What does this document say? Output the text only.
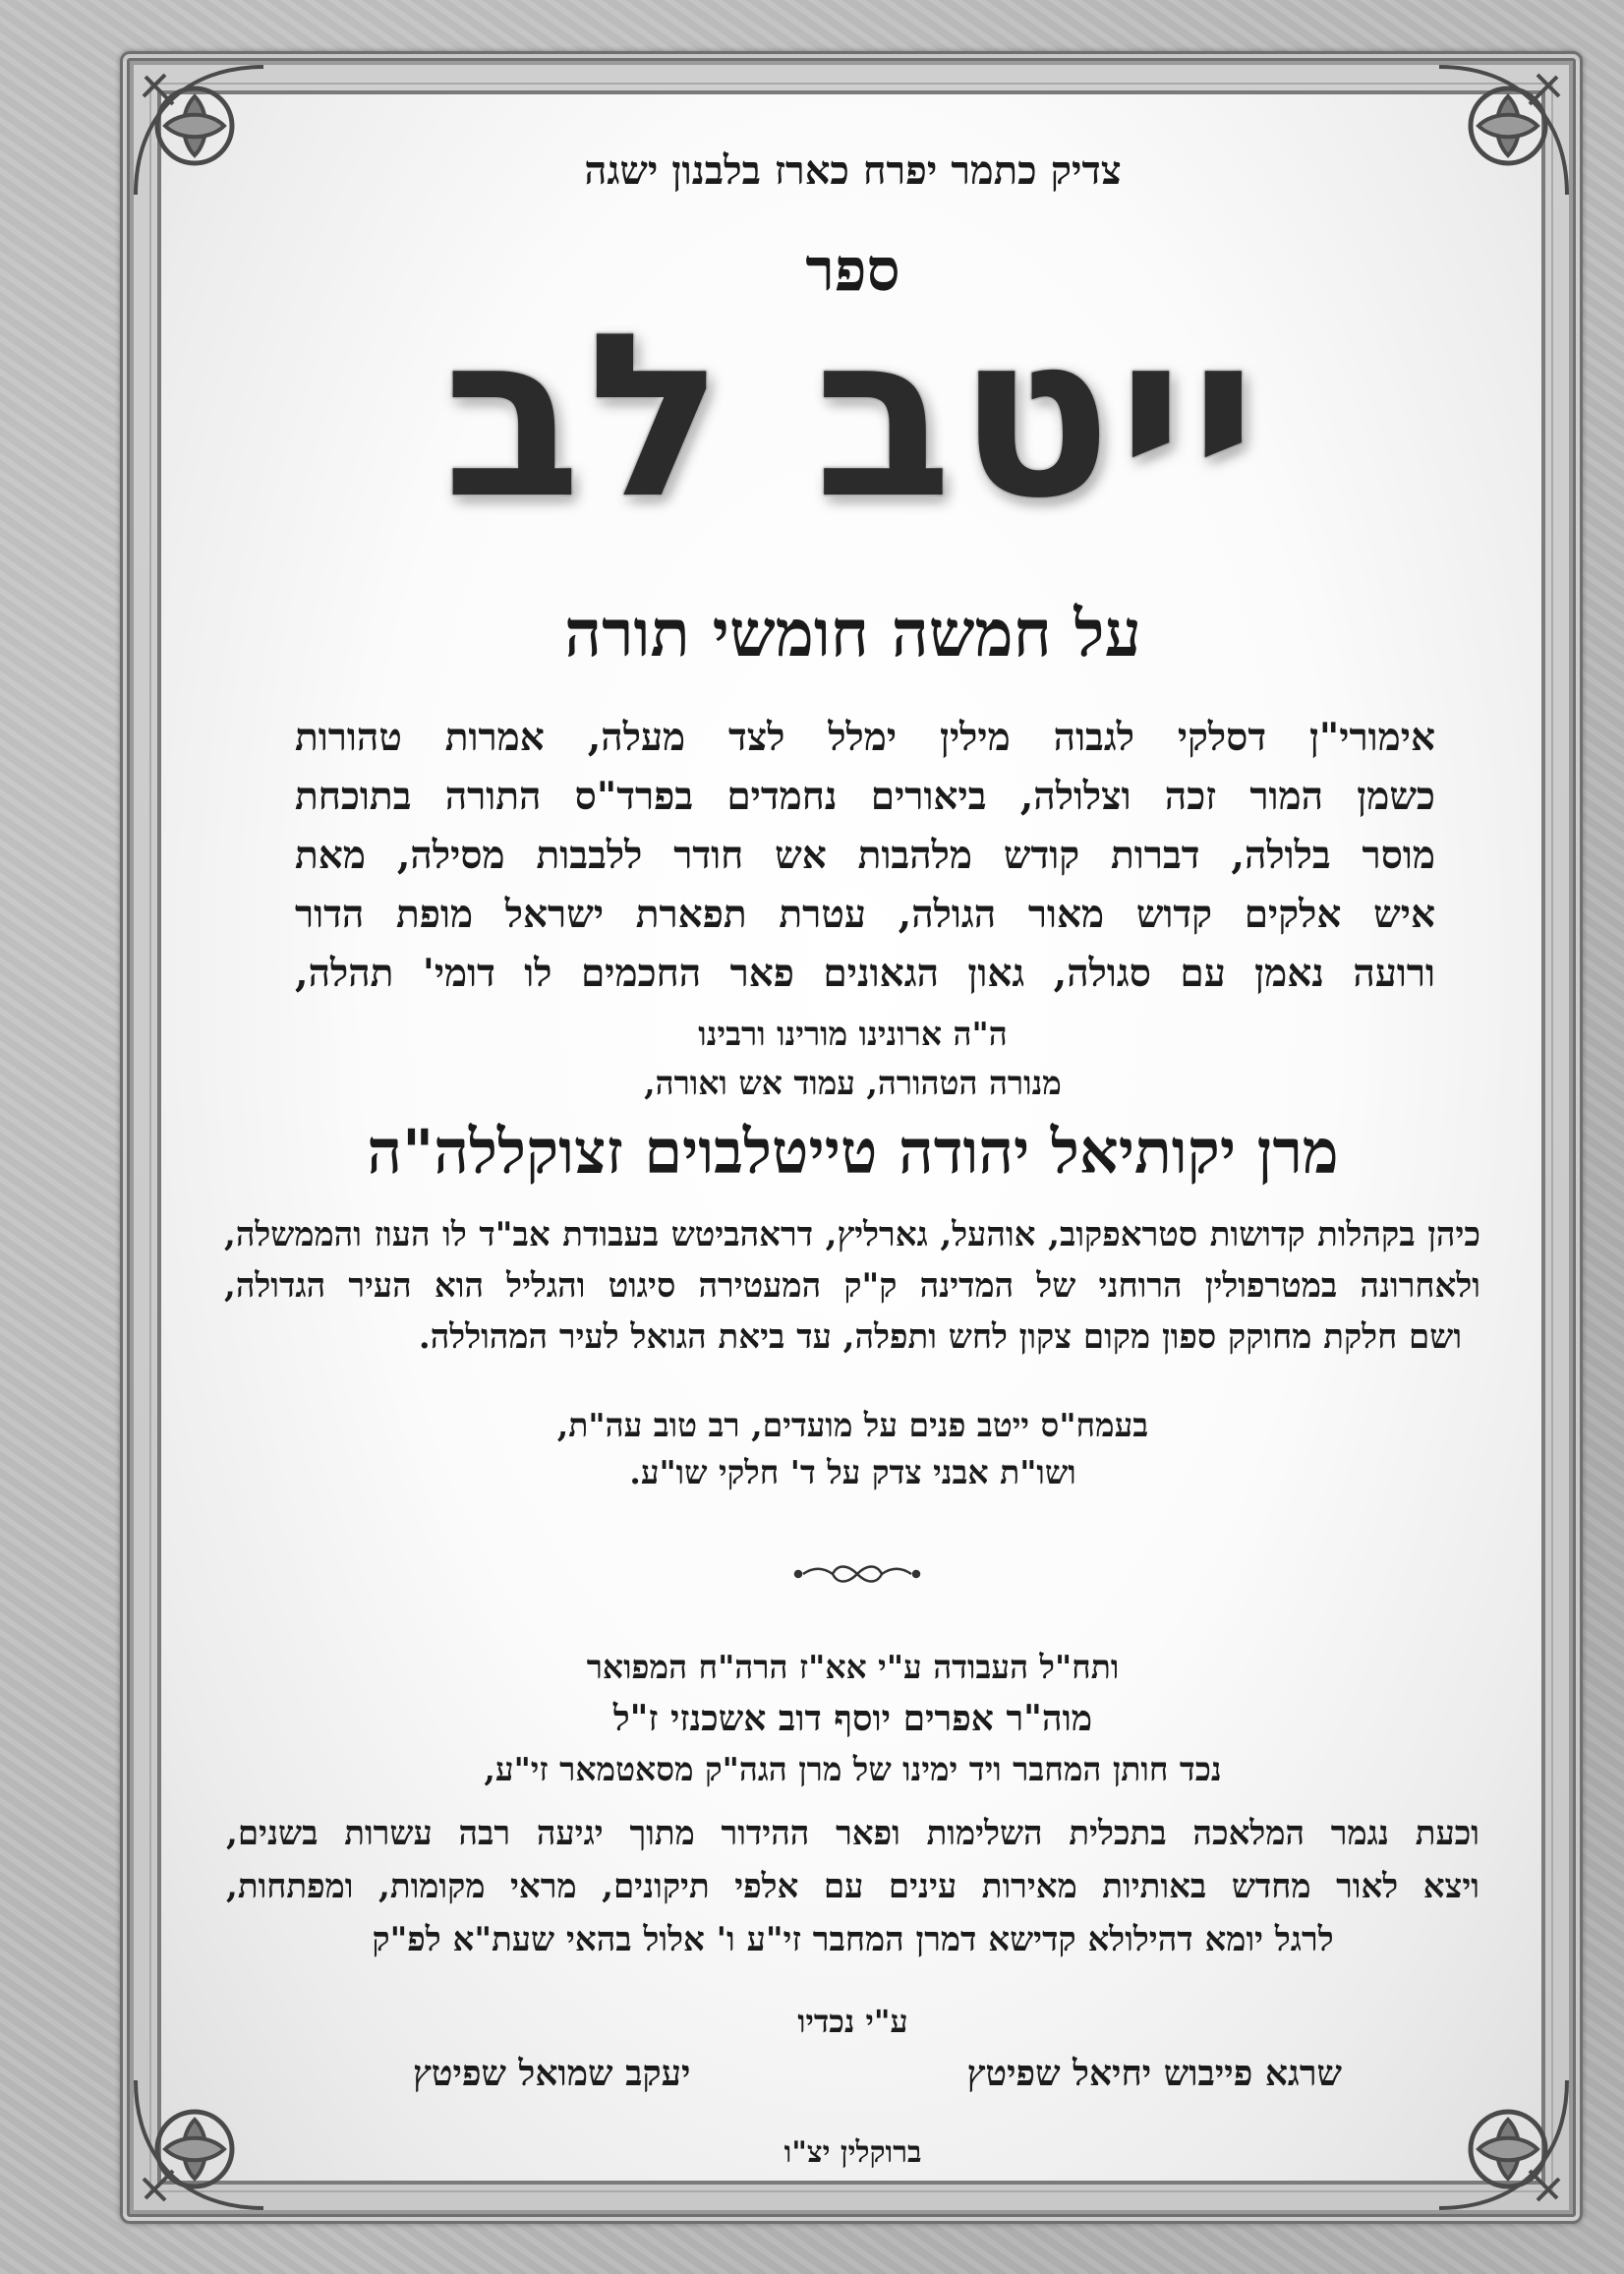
צדיק כתמר יפרח כארז בלבנון ישגה
ספר
ייטב לב
על חמשה חומשי תורה
אימורי"ן דסלקי לגבוה מילין ימלל לצד מעלה, אמרות טהורות
כשמן המור זכה וצלולה, ביאורים נחמדים בפרד"ס התורה בתוכחת
מוסר בלולה, דברות קודש מלהבות אש חודר ללבבות מסילה, מאת
איש אלקים קדוש מאור הגולה, עטרת תפארת ישראל מופת הדור
ורועה נאמן עם סגולה, גאון הגאונים פאר החכמים לו דומי' תהלה,
ה"ה ארונינו מורינו ורבינו
מנורה הטהורה, עמוד אש ואורה,
מרן יקותיאל יהודה טייטלבוים זצוקללה"ה
כיהן בקהלות קדושות סטראפקוב, אוהעל, גארליץ, דראהביטש בעבודת אב"ד לו העוז והממשלה,
ולאחרונה במטרפולין הרוחני של המדינה ק"ק המעטירה סיגוט והגליל הוא העיר הגדולה,
ושם חלקת מחוקק ספון מקום צקון לחש ותפלה, עד ביאת הגואל לעיר המהוללה.
בעמח"ס ייטב פנים על מועדים, רב טוב עה"ת,
ושו"ת אבני צדק על ד' חלקי שו"ע.
ותח"ל העבודה ע"י אא"ז הרה"ח המפואר
מוה"ר אפרים יוסף דוב אשכנזי ז"ל
נכד חותן המחבר ויד ימינו של מרן הגה"ק מסאטמאר זי"ע,
וכעת נגמר המלאכה בתכלית השלימות ופאר ההידור מתוך יגיעה רבה עשרות בשנים,
ויצא לאור מחדש באותיות מאירות עינים עם אלפי תיקונים, מראי מקומות, ומפתחות,
לרגל יומא דהילולא קדישא דמרן המחבר זי"ע ו' אלול בהאי שעת"א לפ"ק
ע"י נכדיו
שרגא פייבוש יחיאל שפיטץ
יעקב שמואל שפיטץ
ברוקלין יצ"ו
